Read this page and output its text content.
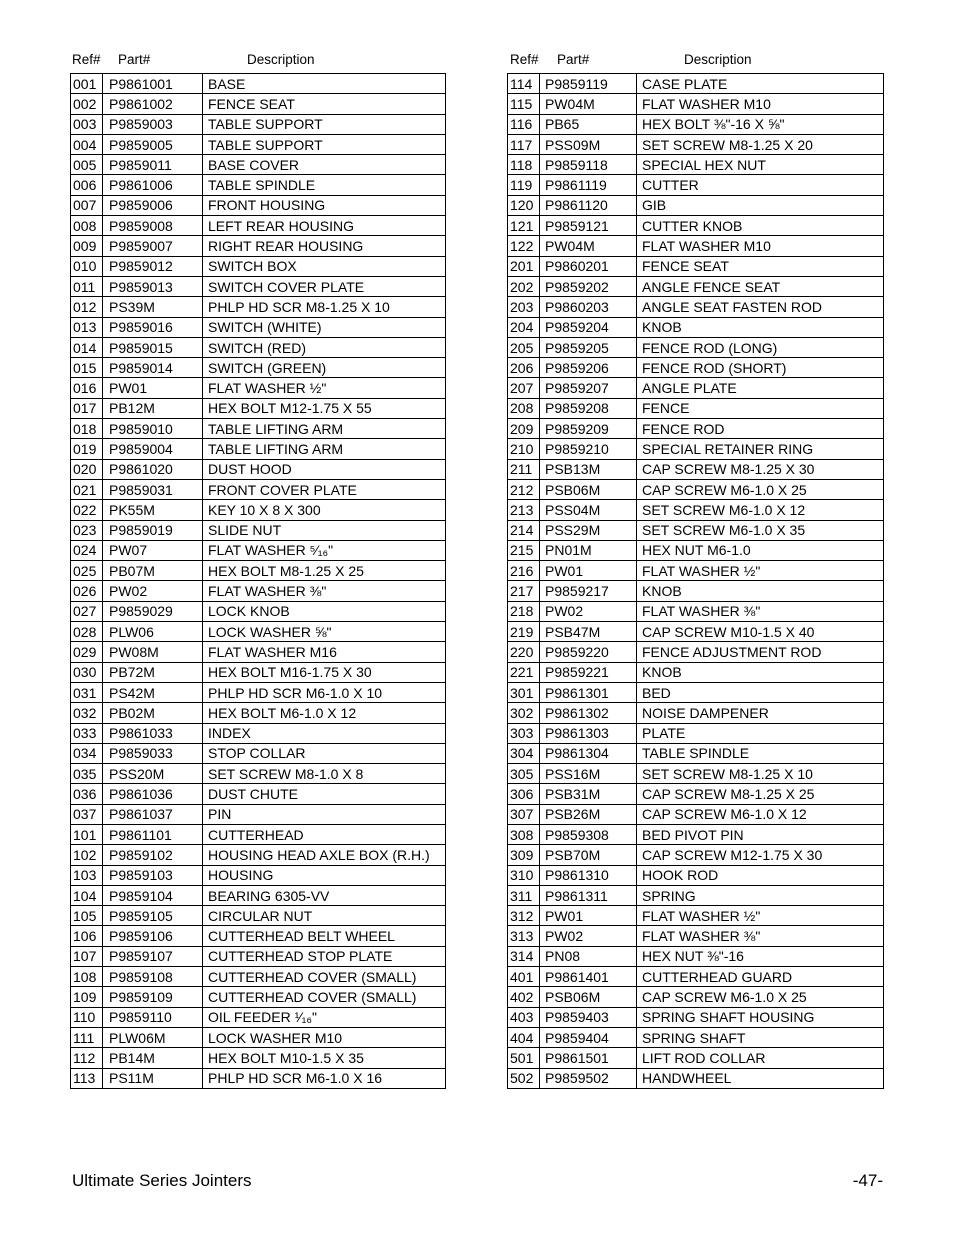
Ref# Part#	Description
001	P9861001	BASE
002	P9861002	FENCE SEAT
003	P9859003	TABLE SUPPORT
004	P9859005	TABLE SUPPORT
005	P9859011	BASE COVER
006	P9861006	TABLE SPINDLE
007	P9859006	FRONT HOUSING
008	P9859008	LEFT REAR HOUSING
009	P9859007	RIGHT REAR HOUSING
010	P9859012	SWITCH BOX
011	P9859013	SWITCH COVER PLATE
012	PS39M	PHLP HD SCR M8-1.25 X 10
013	P9859016	SWITCH (WHITE)
014	P9859015	SWITCH (RED)
015	P9859014	SWITCH (GREEN)
016	PW01	FLAT WASHER ½"
017	PB12M	HEX BOLT M12-1.75 X 55
018	P9859010	TABLE LIFTING ARM
019	P9859004	TABLE LIFTING ARM
020	P9861020	DUST HOOD
021	P9859031	FRONT COVER PLATE
022	PK55M	KEY 10 X 8 X 300
023	P9859019	SLIDE NUT
024	PW07	FLAT WASHER ⁵⁄₁₆"
025	PB07M	HEX BOLT M8-1.25 X 25
026	PW02	FLAT WASHER ⅜"
027	P9859029	LOCK KNOB
028	PLW06	LOCK WASHER ⅝"
029	PW08M	FLAT WASHER M16
030	PB72M	HEX BOLT M16-1.75 X 30
031	PS42M	PHLP HD SCR M6-1.0 X 10
032	PB02M	HEX BOLT M6-1.0 X 12
033	P9861033	INDEX
034	P9859033	STOP COLLAR
035	PSS20M	SET SCREW M8-1.0 X 8
036	P9861036	DUST CHUTE
037	P9861037	PIN
101	P9861101	CUTTERHEAD
102	P9859102	HOUSING HEAD AXLE BOX (R.H.)
103	P9859103	HOUSING
104	P9859104	BEARING 6305-VV
105	P9859105	CIRCULAR NUT
106	P9859106	CUTTERHEAD BELT WHEEL
107	P9859107	CUTTERHEAD STOP PLATE
108	P9859108	CUTTERHEAD COVER (SMALL)
109	P9859109	CUTTERHEAD COVER (SMALL)
110	P9859110	OIL FEEDER ¹⁄₁₆"
111	PLW06M	LOCK WASHER M10
112	PB14M	HEX BOLT M10-1.5 X 35
113	PS11M	PHLP HD SCR M6-1.0 X 16
Ref# Part#	Description
114	P9859119	CASE PLATE
115	PW04M	FLAT WASHER M10
116	PB65	HEX BOLT ⅜"-16 X ⅝"
117	PSS09M	SET SCREW M8-1.25 X 20
118	P9859118	SPECIAL HEX NUT
119	P9861119	CUTTER
120	P9861120	GIB
121	P9859121	CUTTER KNOB
122	PW04M	FLAT WASHER M10
201	P9860201	FENCE SEAT
202	P9859202	ANGLE FENCE SEAT
203	P9860203	ANGLE SEAT FASTEN ROD
204	P9859204	KNOB
205	P9859205	FENCE ROD (LONG)
206	P9859206	FENCE ROD (SHORT)
207	P9859207	ANGLE PLATE
208	P9859208	FENCE
209	P9859209	FENCE ROD
210	P9859210	SPECIAL RETAINER RING
211	PSB13M	CAP SCREW M8-1.25 X 30
212	PSB06M	CAP SCREW M6-1.0 X 25
213	PSS04M	SET SCREW M6-1.0 X 12
214	PSS29M	SET SCREW M6-1.0 X 35
215	PN01M	HEX NUT M6-1.0
216	PW01	FLAT WASHER ½"
217	P9859217	KNOB
218	PW02	FLAT WASHER ⅜"
219	PSB47M	CAP SCREW M10-1.5 X 40
220	P9859220	FENCE ADJUSTMENT ROD
221	P9859221	KNOB
301	P9861301	BED
302	P9861302	NOISE DAMPENER
303	P9861303	PLATE
304	P9861304	TABLE SPINDLE
305	PSS16M	SET SCREW M8-1.25 X 10
306	PSB31M	CAP SCREW M8-1.25 X 25
307	PSB26M	CAP SCREW M6-1.0 X 12
308	P9859308	BED PIVOT PIN
309	PSB70M	CAP SCREW M12-1.75 X 30
310	P9861310	HOOK ROD
311	P9861311	SPRING
312	PW01	FLAT WASHER ½"
313	PW02	FLAT WASHER ⅜"
314	PN08	HEX NUT ⅜"-16
401	P9861401	CUTTERHEAD GUARD
402	PSB06M	CAP SCREW M6-1.0 X 25
403	P9859403	SPRING SHAFT HOUSING
404	P9859404	SPRING SHAFT
501	P9861501	LIFT ROD COLLAR
502	P9859502	HANDWHEEL
Ultimate Series Jointers	-47-
